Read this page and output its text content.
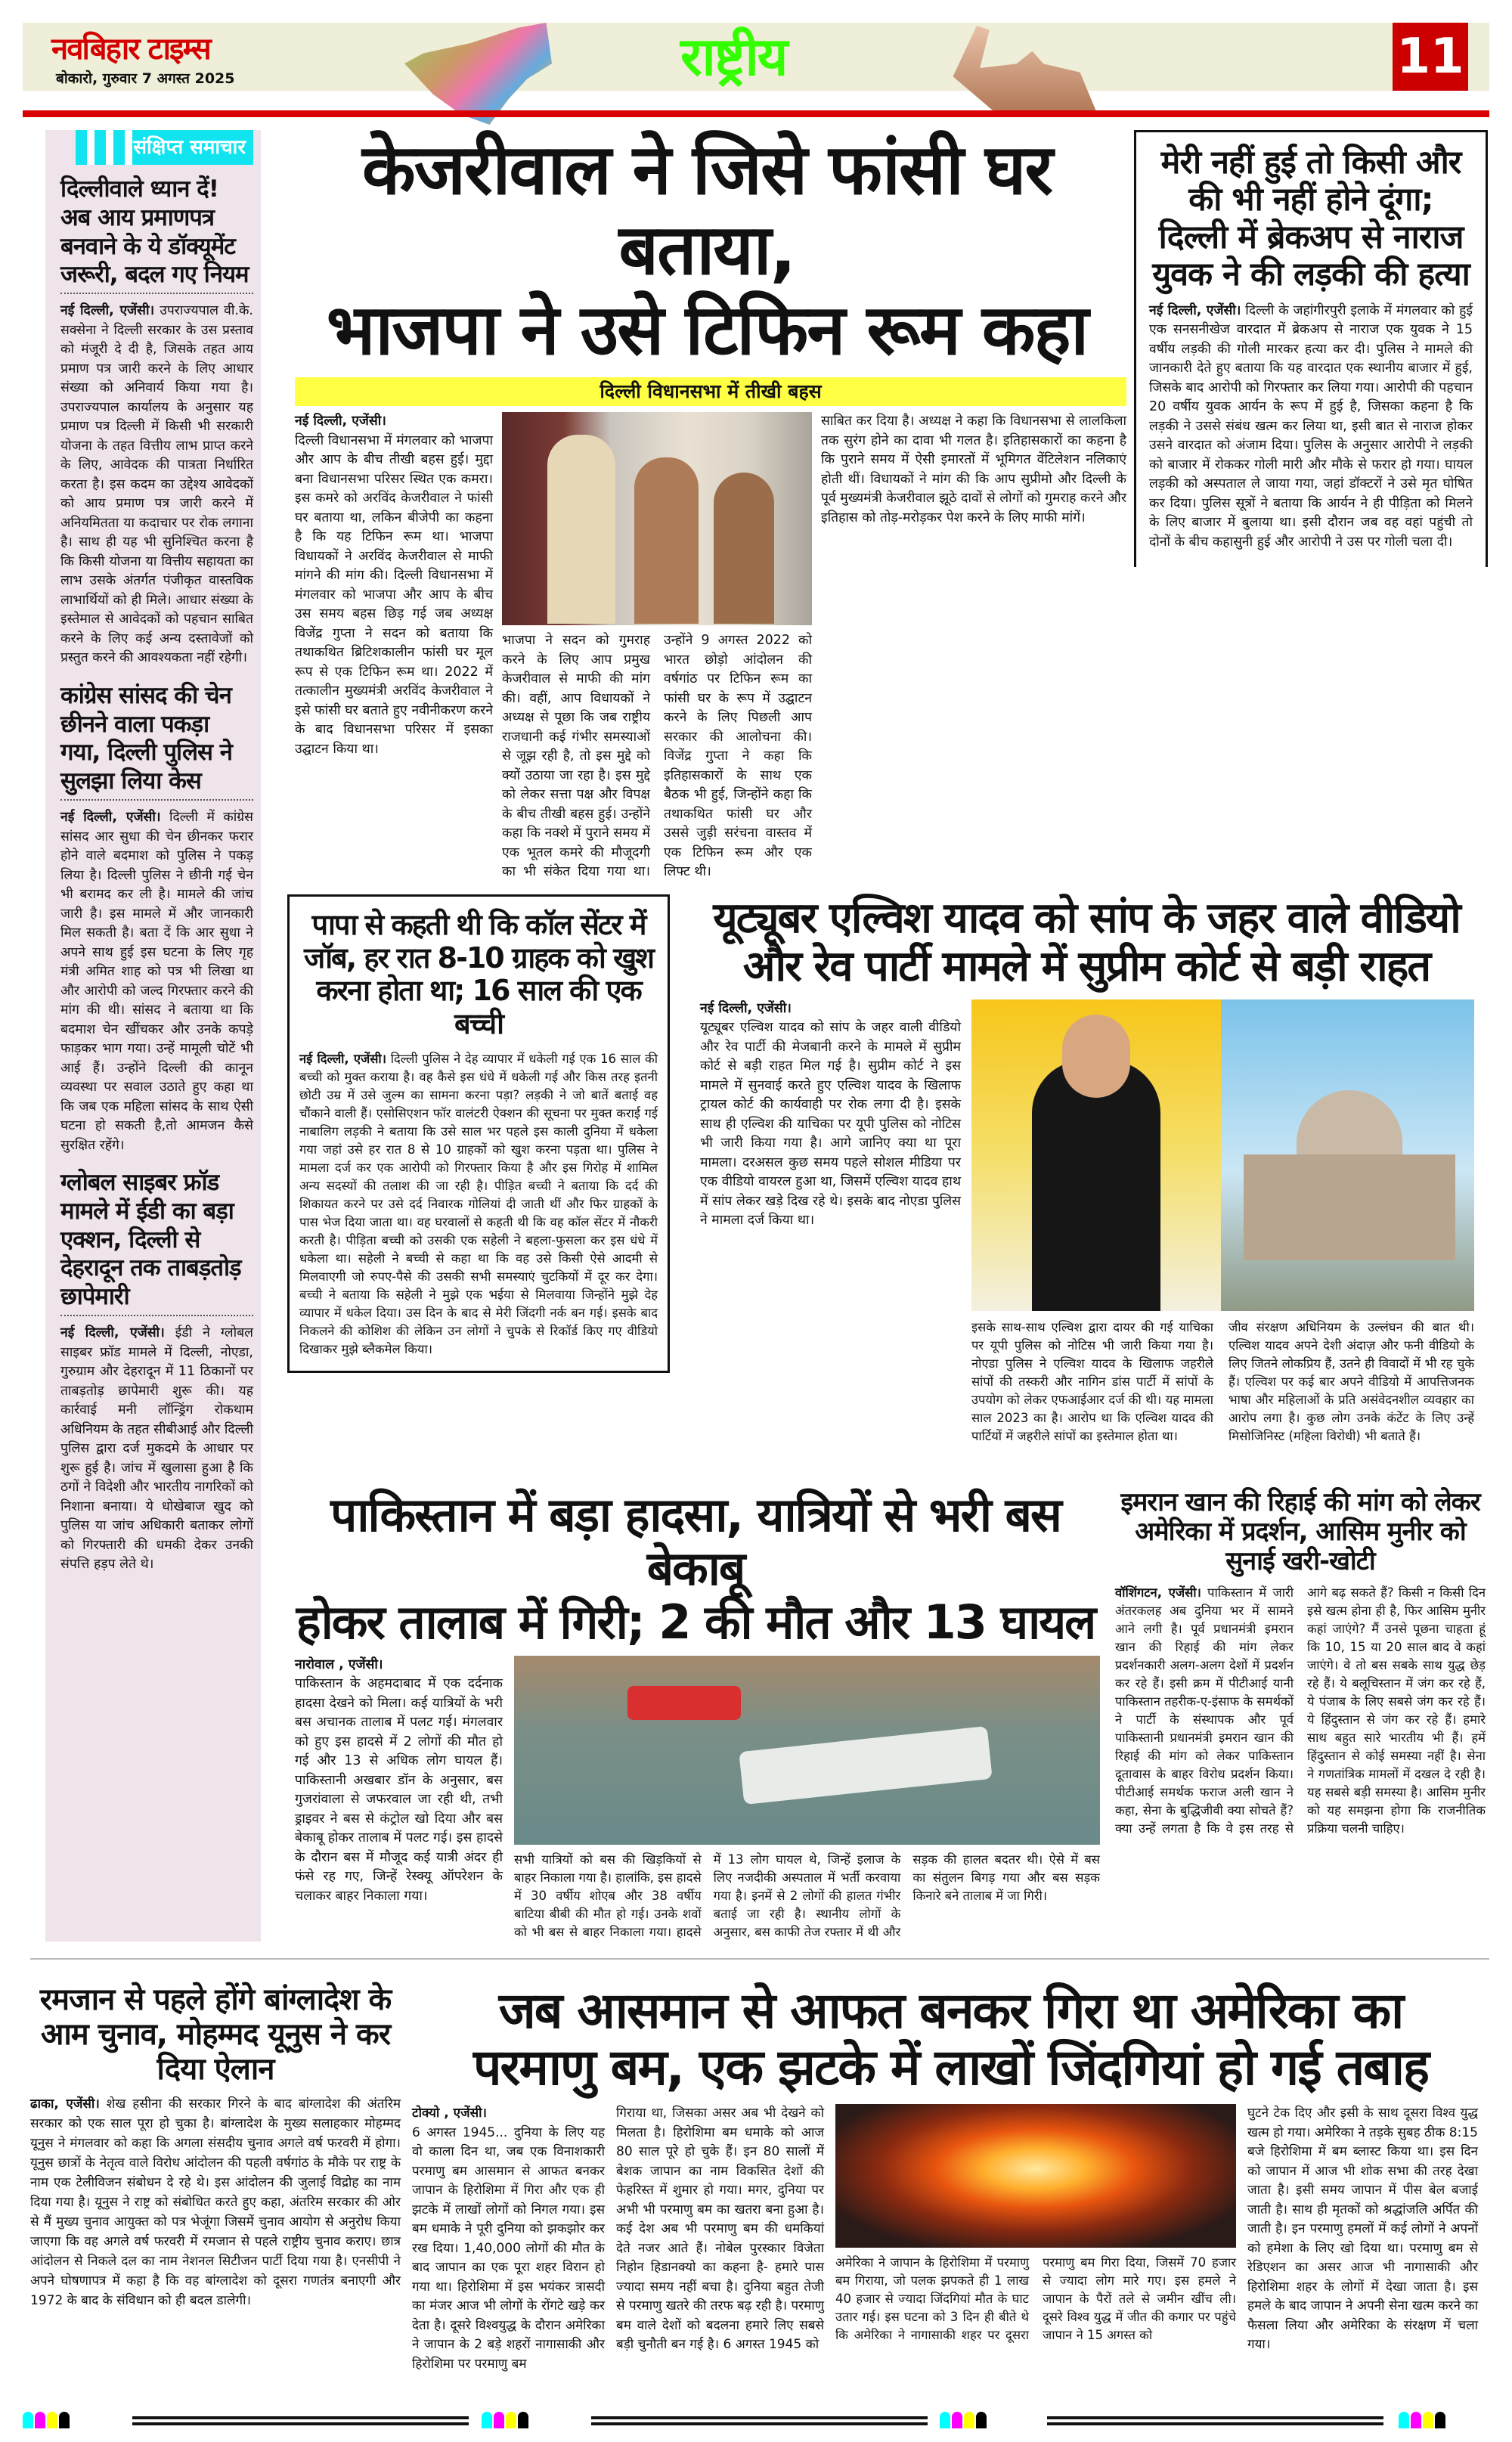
नवबिहार टाइम्स
बोकारो, गुरुवार 7 अगस्त 2025	राष्ट्रीय	11
संक्षिप्त समाचार
दिल्लीवाले ध्यान दें! अब आय प्रमाणपत्र बनवाने के ये डॉक्यूमेंट जरूरी, बदल गए नियम
नई दिल्ली, एजेंसी। उपराज्यपाल वी.के. सक्सेना ने दिल्ली सरकार के उस प्रस्ताव को मंजूरी दे दी है, जिसके तहत आय प्रमाण पत्र जारी करने के लिए आधार संख्या को अनिवार्य किया गया है। उपराज्यपाल कार्यालय के अनुसार यह प्रमाण पत्र दिल्ली में किसी भी सरकारी योजना के तहत वित्तीय लाभ प्राप्त करने के लिए, आवेदक की पात्रता निर्धारित करता है। इस कदम का उद्देश्य आवेदकों को आय प्रमाण पत्र जारी करने में अनियमितता या कदाचार पर रोक लगाना है। साथ ही यह भी सुनिश्चित करना है कि किसी योजना या वित्तीय सहायता का लाभ उसके अंतर्गत पंजीकृत वास्तविक लाभार्थियों को ही मिले। आधार संख्या के इस्तेमाल से आवेदकों को पहचान साबित करने के लिए कई अन्य दस्तावेजों को प्रस्तुत करने की आवश्यकता नहीं रहेगी।
कांग्रेस सांसद की चेन छीनने वाला पकड़ा गया, दिल्ली पुलिस ने सुलझा लिया केस
नई दिल्ली, एजेंसी। दिल्ली में कांग्रेस सांसद आर सुधा की चेन छीनकर फरार होने वाले बदमाश को पुलिस ने पकड़ लिया है। दिल्ली पुलिस ने छीनी गई चेन भी बरामद कर ली है। मामले की जांच जारी है। इस मामले में और जानकारी मिल सकती है। बता दें कि आर सुधा ने अपने साथ हुई इस घटना के लिए गृह मंत्री अमित शाह को पत्र भी लिखा था और आरोपी को जल्द गिरफ्तार करने की मांग की थी। सांसद ने बताया था कि बदमाश चेन खींचकर और उनके कपड़े फाड़कर भाग गया। उन्हें मामूली चोटें भी आई हैं। उन्होंने दिल्ली की कानून व्यवस्था पर सवाल उठाते हुए कहा था कि जब एक महिला सांसद के साथ ऐसी घटना हो सकती है,तो आमजन कैसे सुरक्षित रहेंगे।
ग्लोबल साइबर फ्रॉड मामले में ईडी का बड़ा एक्शन, दिल्ली से देहरादून तक ताबड़तोड़ छापेमारी
नई दिल्ली, एजेंसी। ईडी ने ग्लोबल साइबर फ्रॉड मामले में दिल्ली, नोएडा, गुरुग्राम और देहरादून में 11 ठिकानों पर ताबड़तोड़ छापेमारी शुरू की। यह कार्रवाई मनी लॉन्ड्रिंग रोकथाम अधिनियम के तहत सीबीआई और दिल्ली पुलिस द्वारा दर्ज मुकदमे के आधार पर शुरू हुई है। जांच में खुलासा हुआ है कि ठगों ने विदेशी और भारतीय नागरिकों को निशाना बनाया। ये धोखेबाज खुद को पुलिस या जांच अधिकारी बताकर लोगों को गिरफ्तारी की धमकी देकर उनकी संपत्ति हड़प लेते थे।
केजरीवाल ने जिसे फांसी घर बताया,
भाजपा ने उसे टिफिन रूम कहा
दिल्ली विधानसभा में तीखी बहस
नई दिल्ली, एजेंसी।
दिल्ली विधानसभा में मंगलवार को भाजपा और आप के बीच तीखी बहस हुई। मुद्दा बना विधानसभा परिसर स्थित एक कमरा। इस कमरे को अरविंद केजरीवाल ने फांसी घर बताया था, लकिन बीजेपी का कहना है कि यह टिफिन रूम था। भाजपा विधायकों ने अरविंद केजरीवाल से माफी मांगने की मांग की। दिल्ली विधानसभा में मंगलवार को भाजपा और आप के बीच उस समय बहस छिड़ गई जब अध्यक्ष विजेंद्र गुप्ता ने सदन को बताया कि तथाकथित ब्रिटिशकालीन फांसी घर मूल रूप से एक टिफिन रूम था। 2022 में तत्कालीन मुख्यमंत्री अरविंद केजरीवाल ने इसे फांसी घर बताते हुए नवीनीकरण करने के बाद विधानसभा परिसर में इसका उद्घाटन किया था।
भाजपा ने सदन को गुमराह करने के लिए आप प्रमुख केजरीवाल से माफी की मांग की। वहीं, आप विधायकों ने अध्यक्ष से पूछा कि जब राष्ट्रीय राजधानी कई गंभीर समस्याओं से जूझ रही है, तो इस मुद्दे को क्यों उठाया जा रहा है। इस मुद्दे को लेकर सत्ता पक्ष और विपक्ष के बीच तीखी बहस हुई। उन्होंने कहा कि नक्शे में पुराने समय में एक भूतल कमरे की मौजूदगी का भी संकेत दिया गया था। उन्होंने 9 अगस्त 2022 को भारत छोड़ो आंदोलन की वर्षगांठ पर टिफिन रूम का फांसी घर के रूप में उद्घाटन करने के लिए पिछली आप सरकार की आलोचना की। विजेंद्र गुप्ता ने कहा कि इतिहासकारों के साथ एक बैठक भी हुई, जिन्होंने कहा कि तथाकथित फांसी घर और उससे जुड़ी सरंचना वास्तव में एक टिफिन रूम और एक लिफ्ट थी।
साबित कर दिया है। अध्यक्ष ने कहा कि विधानसभा से लालकिला तक सुरंग होने का दावा भी गलत है। इतिहासकारों का कहना है कि पुराने समय में ऐसी इमारतों में भूमिगत वेंटिलेशन नलिकाएं होती थीं। विधायकों ने मांग की कि आप सुप्रीमो और दिल्ली के पूर्व मुख्यमंत्री केजरीवाल झूठे दावों से लोगों को गुमराह करने और इतिहास को तोड़-मरोड़कर पेश करने के लिए माफी मांगें।
मेरी नहीं हुई तो किसी और की भी नहीं होने दूंगा; दिल्ली में ब्रेकअप से नाराज युवक ने की लड़की की हत्या
नई दिल्ली, एजेंसी। दिल्ली के जहांगीरपुरी इलाके में मंगलवार को हुई एक सनसनीखेज वारदात में ब्रेकअप से नाराज एक युवक ने 15 वर्षीय लड़की की गोली मारकर हत्या कर दी। पुलिस ने मामले की जानकारी देते हुए बताया कि यह वारदात एक स्थानीय बाजार में हुई, जिसके बाद आरोपी को गिरफ्तार कर लिया गया। आरोपी की पहचान 20 वर्षीय युवक आर्यन के रूप में हुई है, जिसका कहना है कि लड़की ने उससे संबंध खत्म कर लिया था, इसी बात से नाराज होकर उसने वारदात को अंजाम दिया। पुलिस के अनुसार आरोपी ने लड़की को बाजार में रोककर गोली मारी और मौके से फरार हो गया। घायल लड़की को अस्पताल ले जाया गया, जहां डॉक्टरों ने उसे मृत घोषित कर दिया। पुलिस सूत्रों ने बताया कि आर्यन ने ही पीड़िता को मिलने के लिए बाजार में बुलाया था। इसी दौरान जब वह वहां पहुंची तो दोनों के बीच कहासुनी हुई और आरोपी ने उस पर गोली चला दी।
पापा से कहती थी कि कॉल सेंटर में जॉब, हर रात 8-10 ग्राहक को खुश करना होता था; 16 साल की एक बच्ची
नई दिल्ली, एजेंसी। दिल्ली पुलिस ने देह व्यापार में धकेली गई एक 16 साल की बच्ची को मुक्त कराया है। वह कैसे इस धंधे में धकेली गई और किस तरह इतनी छोटी उम्र में उसे जुल्म का सामना करना पड़ा? लड़की ने जो बातें बताई वह चौंकाने वाली हैं। एसोसिएशन फॉर वालंटरी ऐक्शन की सूचना पर मुक्त कराई गई नाबालिग लड़की ने बताया कि उसे साल भर पहले इस काली दुनिया में धकेला गया जहां उसे हर रात 8 से 10 ग्राहकों को खुश करना पड़ता था। पुलिस ने मामला दर्ज कर एक आरोपी को गिरफ्तार किया है और इस गिरोह में शामिल अन्य सदस्यों की तलाश की जा रही है। पीड़ित बच्ची ने बताया कि दर्द की शिकायत करने पर उसे दर्द निवारक गोलियां दी जाती थीं और फिर ग्राहकों के पास भेज दिया जाता था। वह घरवालों से कहती थी कि वह कॉल सेंटर में नौकरी करती है। पीड़िता बच्ची को उसकी एक सहेली ने बहला-फुसला कर इस धंधे में धकेला था। सहेली ने बच्ची से कहा था कि वह उसे किसी ऐसे आदमी से मिलवाएगी जो रुपए-पैसे की उसकी सभी समस्याएं चुटकियों में दूर कर देगा। बच्ची ने बताया कि सहेली ने मुझे एक भईया से मिलवाया जिन्होंने मुझे देह व्यापार में धकेल दिया। उस दिन के बाद से मेरी जिंदगी नर्क बन गई। इसके बाद निकलने की कोशिश की लेकिन उन लोगों ने चुपके से रिकॉर्ड किए गए वीडियो दिखाकर मुझे ब्लैकमेल किया।
यूट्यूबर एल्विश यादव को सांप के जहर वाले वीडियो और रेव पार्टी मामले में सुप्रीम कोर्ट से बड़ी राहत
नई दिल्ली, एजेंसी।
यूट्यूबर एल्विश यादव को सांप के जहर वाली वीडियो और रेव पार्टी की मेजबानी करने के मामले में सुप्रीम कोर्ट से बड़ी राहत मिल गई है। सुप्रीम कोर्ट ने इस मामले में सुनवाई करते हुए एल्विश यादव के खिलाफ ट्रायल कोर्ट की कार्यवाही पर रोक लगा दी है। इसके साथ ही एल्विश की याचिका पर यूपी पुलिस को नोटिस भी जारी किया गया है। आगे जानिए क्या था पूरा मामला। दरअसल कुछ समय पहले सोशल मीडिया पर एक वीडियो वायरल हुआ था, जिसमें एल्विश यादव हाथ में सांप लेकर खड़े दिख रहे थे। इसके बाद नोएडा पुलिस ने मामला दर्ज किया था।
इसके साथ-साथ एल्विश द्वारा दायर की गई याचिका पर यूपी पुलिस को नोटिस भी जारी किया गया है। नोएडा पुलिस ने एल्विश यादव के खिलाफ जहरीले सांपों की तस्करी और नागिन डांस पार्टी में सांपों के उपयोग को लेकर एफआईआर दर्ज की थी। यह मामला साल 2023 का है। आरोप था कि एल्विश यादव की पार्टियों में जहरीले सांपों का इस्तेमाल होता था।
जीव संरक्षण अधिनियम के उल्लंघन की बात थी। एल्विश यादव अपने देशी अंदाज़ और फनी वीडियो के लिए जितने लोकप्रिय हैं, उतने ही विवादों में भी रह चुके हैं। एल्विश पर कई बार अपने वीडियो में आपत्तिजनक भाषा और महिलाओं के प्रति असंवेदनशील व्यवहार का आरोप लगा है। कुछ लोग उनके कंटेंट के लिए उन्हें मिसोजिनिस्ट (महिला विरोधी) भी बताते हैं।
पाकिस्तान में बड़ा हादसा, यात्रियों से भरी बस बेकाबू
होकर तालाब में गिरी; 2 की मौत और 13 घायल
नारोवाल , एजेंसी।
पाकिस्तान के अहमदाबाद में एक दर्दनाक हादसा देखने को मिला। कई यात्रियों के भरी बस अचानक तालाब में पलट गई। मंगलवार को हुए इस हादसे में 2 लोगों की मौत हो गई और 13 से अधिक लोग घायल हैं। पाकिस्तानी अखबार डॉन के अनुसार, बस गुजरांवाला से जफरवाल जा रही थी, तभी ड्राइवर ने बस से कंट्रोल खो दिया और बस बेकाबू होकर तालाब में पलट गई। इस हादसे के दौरान बस में मौजूद कई यात्री अंदर ही फंसे रह गए, जिन्हें रेस्क्यू ऑपरेशन के चलाकर बाहर निकाला गया।
सभी यात्रियों को बस की खिड़कियों से बाहर निकाला गया है। हालांकि, इस हादसे में 30 वर्षीय शोएब और 38 वर्षीय बाटिया बीबी की मौत हो गई। उनके शवों को भी बस से बाहर निकाला गया। हादसे में 13 लोग घायल थे, जिन्हें इलाज के लिए नजदीकी अस्पताल में भर्ती करवाया गया है। इनमें से 2 लोगों की हालत गंभीर बताई जा रही है। स्थानीय लोगों के अनुसार, बस काफी तेज रफ्तार में थी और सड़क की हालत बदतर थी। ऐसे में बस का संतुलन बिगड़ गया और बस सड़क किनारे बने तालाब में जा गिरी।
इमरान खान की रिहाई की मांग को लेकर अमेरिका में प्रदर्शन, आसिम मुनीर को सुनाई खरी-खोटी
वॉशिंगटन, एजेंसी। पाकिस्तान में जारी अंतरकलह अब दुनिया भर में सामने आने लगी है। पूर्व प्रधानमंत्री इमरान खान की रिहाई की मांग लेकर प्रदर्शनकारी अलग-अलग देशों में प्रदर्शन कर रहे हैं। इसी क्रम में पीटीआई यानी पाकिस्तान तहरीक-ए-इंसाफ के समर्थकों ने पार्टी के संस्थापक और पूर्व पाकिस्तानी प्रधानमंत्री इमरान खान की रिहाई की मांग को लेकर पाकिस्तान दूतावास के बाहर विरोध प्रदर्शन किया। पीटीआई समर्थक फराज अली खान ने कहा, सेना के बुद्धिजीवी क्या सोचते हैं? क्या उन्हें लगता है कि वे इस तरह से आगे बढ़ सकते हैं? किसी न किसी दिन इसे खत्म होना ही है, फिर आसिम मुनीर कहां जाएंगे? मैं उनसे पूछना चाहता हूं कि 10, 15 या 20 साल बाद वे कहां जाएंगे। वे तो बस सबके साथ युद्ध छेड़ रहे हैं। ये बलूचिस्तान में जंग कर रहे हैं, ये पंजाब के लिए सबसे जंग कर रहे हैं। ये हिंदुस्तान से जंग कर रहे हैं। हमारे साथ बहुत सारे भारतीय भी हैं। हमें हिंदुस्तान से कोई समस्या नहीं है। सेना ने गणतांत्रिक मामलों में दखल दे रही है। यह सबसे बड़ी समस्या है। आसिम मुनीर को यह समझना होगा कि राजनीतिक प्रक्रिया चलनी चाहिए।
रमजान से पहले होंगे बांग्लादेश के आम चुनाव, मोहम्मद यूनुस ने कर दिया ऐलान
ढाका, एजेंसी। शेख हसीना की सरकार गिरने के बाद बांग्लादेश की अंतरिम सरकार को एक साल पूरा हो चुका है। बांग्लादेश के मुख्य सलाहकार मोहम्मद यूनुस ने मंगलवार को कहा कि अगला संसदीय चुनाव अगले वर्ष फरवरी में होगा। यूनुस छात्रों के नेतृत्व वाले विरोध आंदोलन की पहली वर्षगांठ के मौके पर राष्ट्र के नाम एक टेलीविजन संबोधन दे रहे थे। इस आंदोलन की जुलाई विद्रोह का नाम दिया गया है। यूनुस ने राष्ट्र को संबोधित करते हुए कहा, अंतरिम सरकार की ओर से मैं मुख्य चुनाव आयुक्त को पत्र भेजूंगा जिसमें चुनाव आयोग से अनुरोध किया जाएगा कि वह अगले वर्ष फरवरी में रमजान से पहले राष्ट्रीय चुनाव कराए। छात्र आंदोलन से निकले दल का नाम नेशनल सिटीजन पार्टी दिया गया है। एनसीपी ने अपने घोषणापत्र में कहा है कि वह बांग्लादेश को दूसरा गणतंत्र बनाएगी और 1972 के बाद के संविधान को ही बदल डालेगी।
जब आसमान से आफत बनकर गिरा था अमेरिका का
परमाणु बम, एक झटके में लाखों जिंदगियां हो गई तबाह
टोक्यो , एजेंसी।
6 अगस्त 1945... दुनिया के लिए यह वो काला दिन था, जब एक विनाशकारी परमाणु बम आसमान से आफत बनकर जापान के हिरोशिमा में गिरा और एक ही झटके में लाखों लोगों को निगल गया। इस बम धमाके ने पूरी दुनिया को झकझोर कर रख दिया। 1,40,000 लोगों की मौत के बाद जापान का एक पूरा शहर विरान हो गया था। हिरोशिमा में इस भयंकर त्रासदी का मंजर आज भी लोगों के रोंगटे खड़े कर देता है। दूसरे विश्वयुद्ध के दौरान अमेरिका ने जापान के 2 बड़े शहरों नागासाकी और हिरोशिमा पर परमाणु बम
गिराया था, जिसका असर अब भी देखने को मिलता है। हिरोशिमा बम धमाके को आज 80 साल पूरे हो चुके हैं। इन 80 सालों में बेशक जापान का नाम विकसित देशों की फेहरिस्त में शुमार हो गया। मगर, दुनिया पर अभी भी परमाणु बम का खतरा बना हुआ है। कई देश अब भी परमाणु बम की धमकियां देते नजर आते हैं। नोबेल पुरस्कार विजेता निहोन हिडानक्यो का कहना है- हमारे पास ज्यादा समय नहीं बचा है। दुनिया बहुत तेजी से परमाणु खतरे की तरफ बढ़ रही है। परमाणु बम वाले देशों को बदलना हमारे लिए सबसे बड़ी चुनौती बन गई है। 6 अगस्त 1945 को
अमेरिका ने जापान के हिरोशिमा में परमाणु बम गिराया, जो पलक झपकते ही 1 लाख 40 हजार से ज्यादा जिंदगियां मौत के घाट उतार गई। इस घटना को 3 दिन ही बीते थे कि अमेरिका ने नागासाकी शहर पर दूसरा परमाणु बम गिरा दिया, जिसमें 70 हजार से ज्यादा लोग मारे गए। इस हमले ने जापान के पैरों तले से जमीन खींच ली। दूसरे विश्व युद्ध में जीत की कगार पर पहुंचे जापान ने 15 अगस्त को
घुटने टेक दिए और इसी के साथ दूसरा विश्व युद्ध खत्म हो गया। अमेरिका ने तड़के सुबह ठीक 8:15 बजे हिरोशिमा में बम ब्लास्ट किया था। इस दिन को जापान में आज भी शोक सभा की तरह देखा जाता है। इसी समय जापान में पीस बेल बजाई जाती है। साथ ही मृतकों को श्रद्धांजलि अर्पित की जाती है। इन परमाणु हमलों में कई लोगों ने अपनों को हमेशा के लिए खो दिया था। परमाणु बम से रेडिएशन का असर आज भी नागासाकी और हिरोशिमा शहर के लोगों में देखा जाता है। इस हमले के बाद जापान ने अपनी सेना खत्म करने का फैसला लिया और अमेरिका के संरक्षण में चला गया।
